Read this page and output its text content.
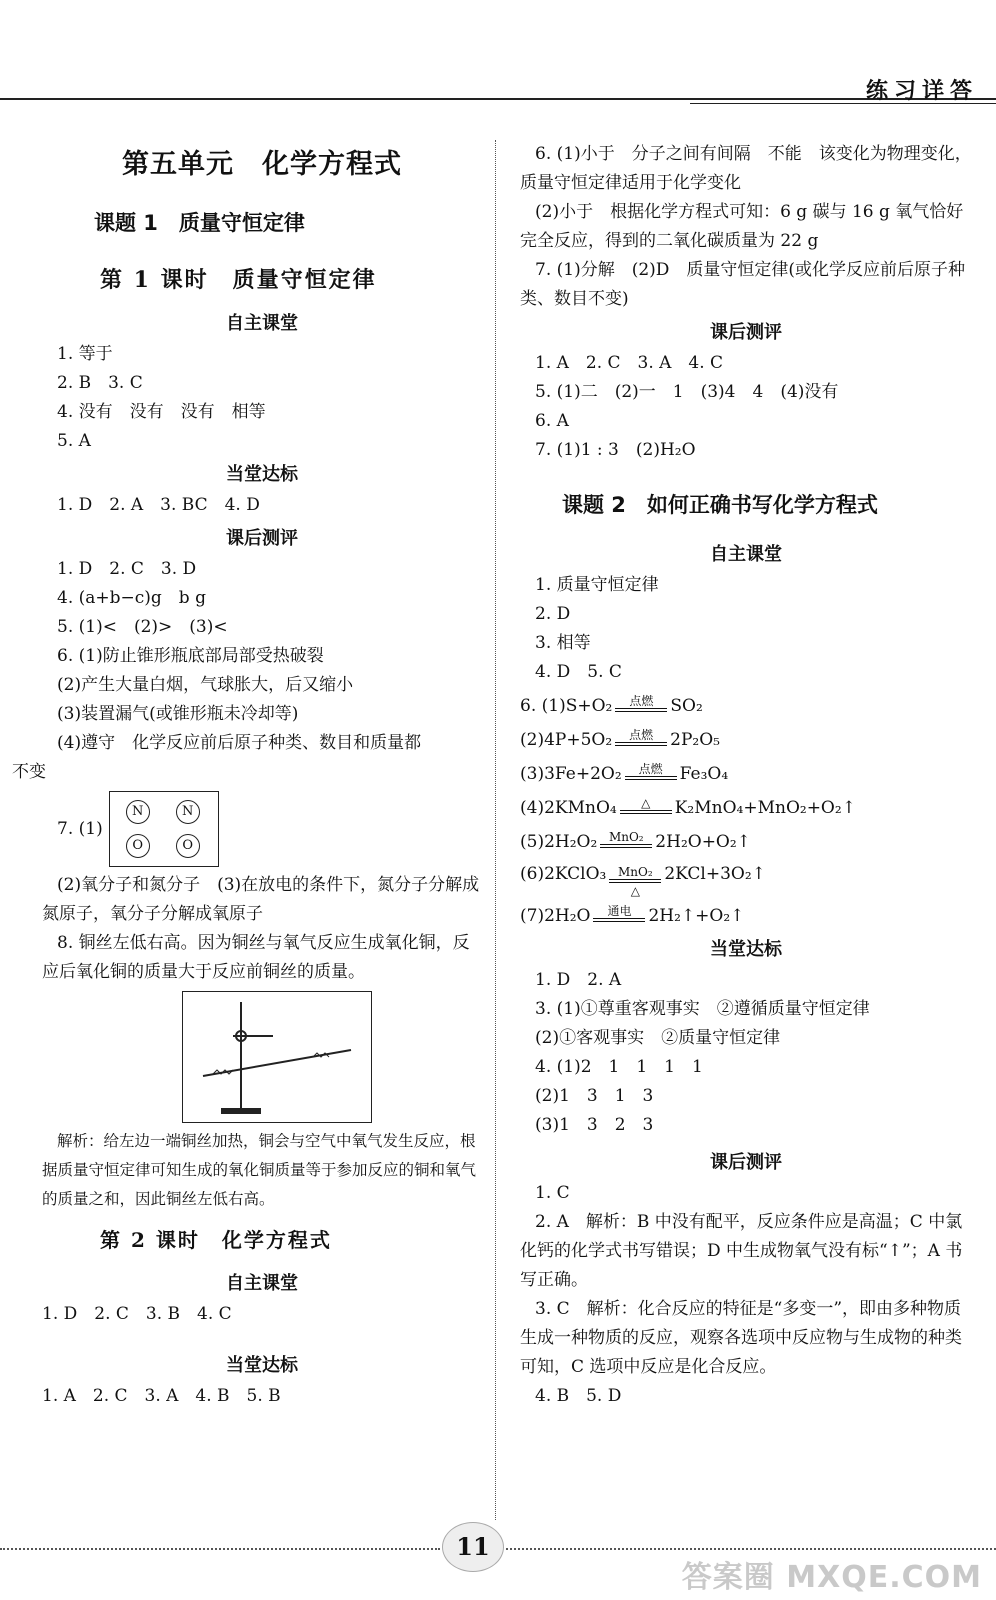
练习详答
第五单元　化学方程式
课题 1　质量守恒定律
第 1 课时　质量守恒定律
自主课堂
1. 等于
2. B　3. C
4. 没有　没有　没有　相等
5. A
当堂达标
1. D　2. A　3. BC　4. D
课后测评
1. D　2. C　3. D
4. (a+b−c)g　b g
5. (1)<　(2)>　(3)<
6. (1)防止锥形瓶底部局部受热破裂
(2)产生大量白烟，气球胀大，后又缩小
(3)装置漏气(或锥形瓶未冷却等)
(4)遵守　化学反应前后原子种类、数目和质量都
不变
7. (1)
N	N
O	O
(2)氧分子和氮分子　(3)在放电的条件下，氮分子分解成氮原子，氧分子分解成氧原子
8. 铜丝左低右高。因为铜丝与氧气反应生成氧化铜，反应后氧化铜的质量大于反应前铜丝的质量。
解析：给左边一端铜丝加热，铜会与空气中氧气发生反应，根据质量守恒定律可知生成的氧化铜质量等于参加反应的铜和氧气的质量之和，因此铜丝左低右高。
第 2 课时　化学方程式
自主课堂
1. D　2. C　3. B　4. C
当堂达标
1. A　2. C　3. A　4. B　5. B
6. (1)小于　分子之间有间隔　不能　该变化为物理变化，质量守恒定律适用于化学变化
(2)小于　根据化学方程式可知：6 g 碳与 16 g 氧气恰好完全反应，得到的二氧化碳质量为 22 g
7. (1)分解　(2)D　质量守恒定律(或化学反应前后原子种类、数目不变)
课后测评
1. A　2. C　3. A　4. C
5. (1)二　(2)一　1　(3)4　4　(4)没有
6. A
7. (1)1 : 3　(2)H₂O
课题 2　如何正确书写化学方程式
自主课堂
1. 质量守恒定律
2. D
3. 相等
4. D　5. C
6. (1)S+O₂ 点燃 SO₂
(2)4P+5O₂ 点燃 2P₂O₅
(3)3Fe+2O₂ 点燃 Fe₃O₄
(4)2KMnO₄ △ K₂MnO₄+MnO₂+O₂↑
(5)2H₂O₂ MnO₂ 2H₂O+O₂↑
(6)2KClO₃ MnO₂
△
2KCl+3O₂↑
(7)2H₂O 通电 2H₂↑+O₂↑
当堂达标
1. D　2. A
3. (1)①尊重客观事实　②遵循质量守恒定律
(2)①客观事实　②质量守恒定律
4. (1)2　1　1　1　1
(2)1　3　1　3
(3)1　3　2　3
课后测评
1. C
2. A　解析：B 中没有配平，反应条件应是高温；C 中氯化钙的化学式书写错误；D 中生成物氧气没有标“↑”；A 书写正确。
3. C　解析：化合反应的特征是“多变一”，即由多种物质生成一种物质的反应，观察各选项中反应物与生成物的种类可知，C 选项中反应是化合反应。
4. B　5. D
11
答案圈 MXQE.COM
